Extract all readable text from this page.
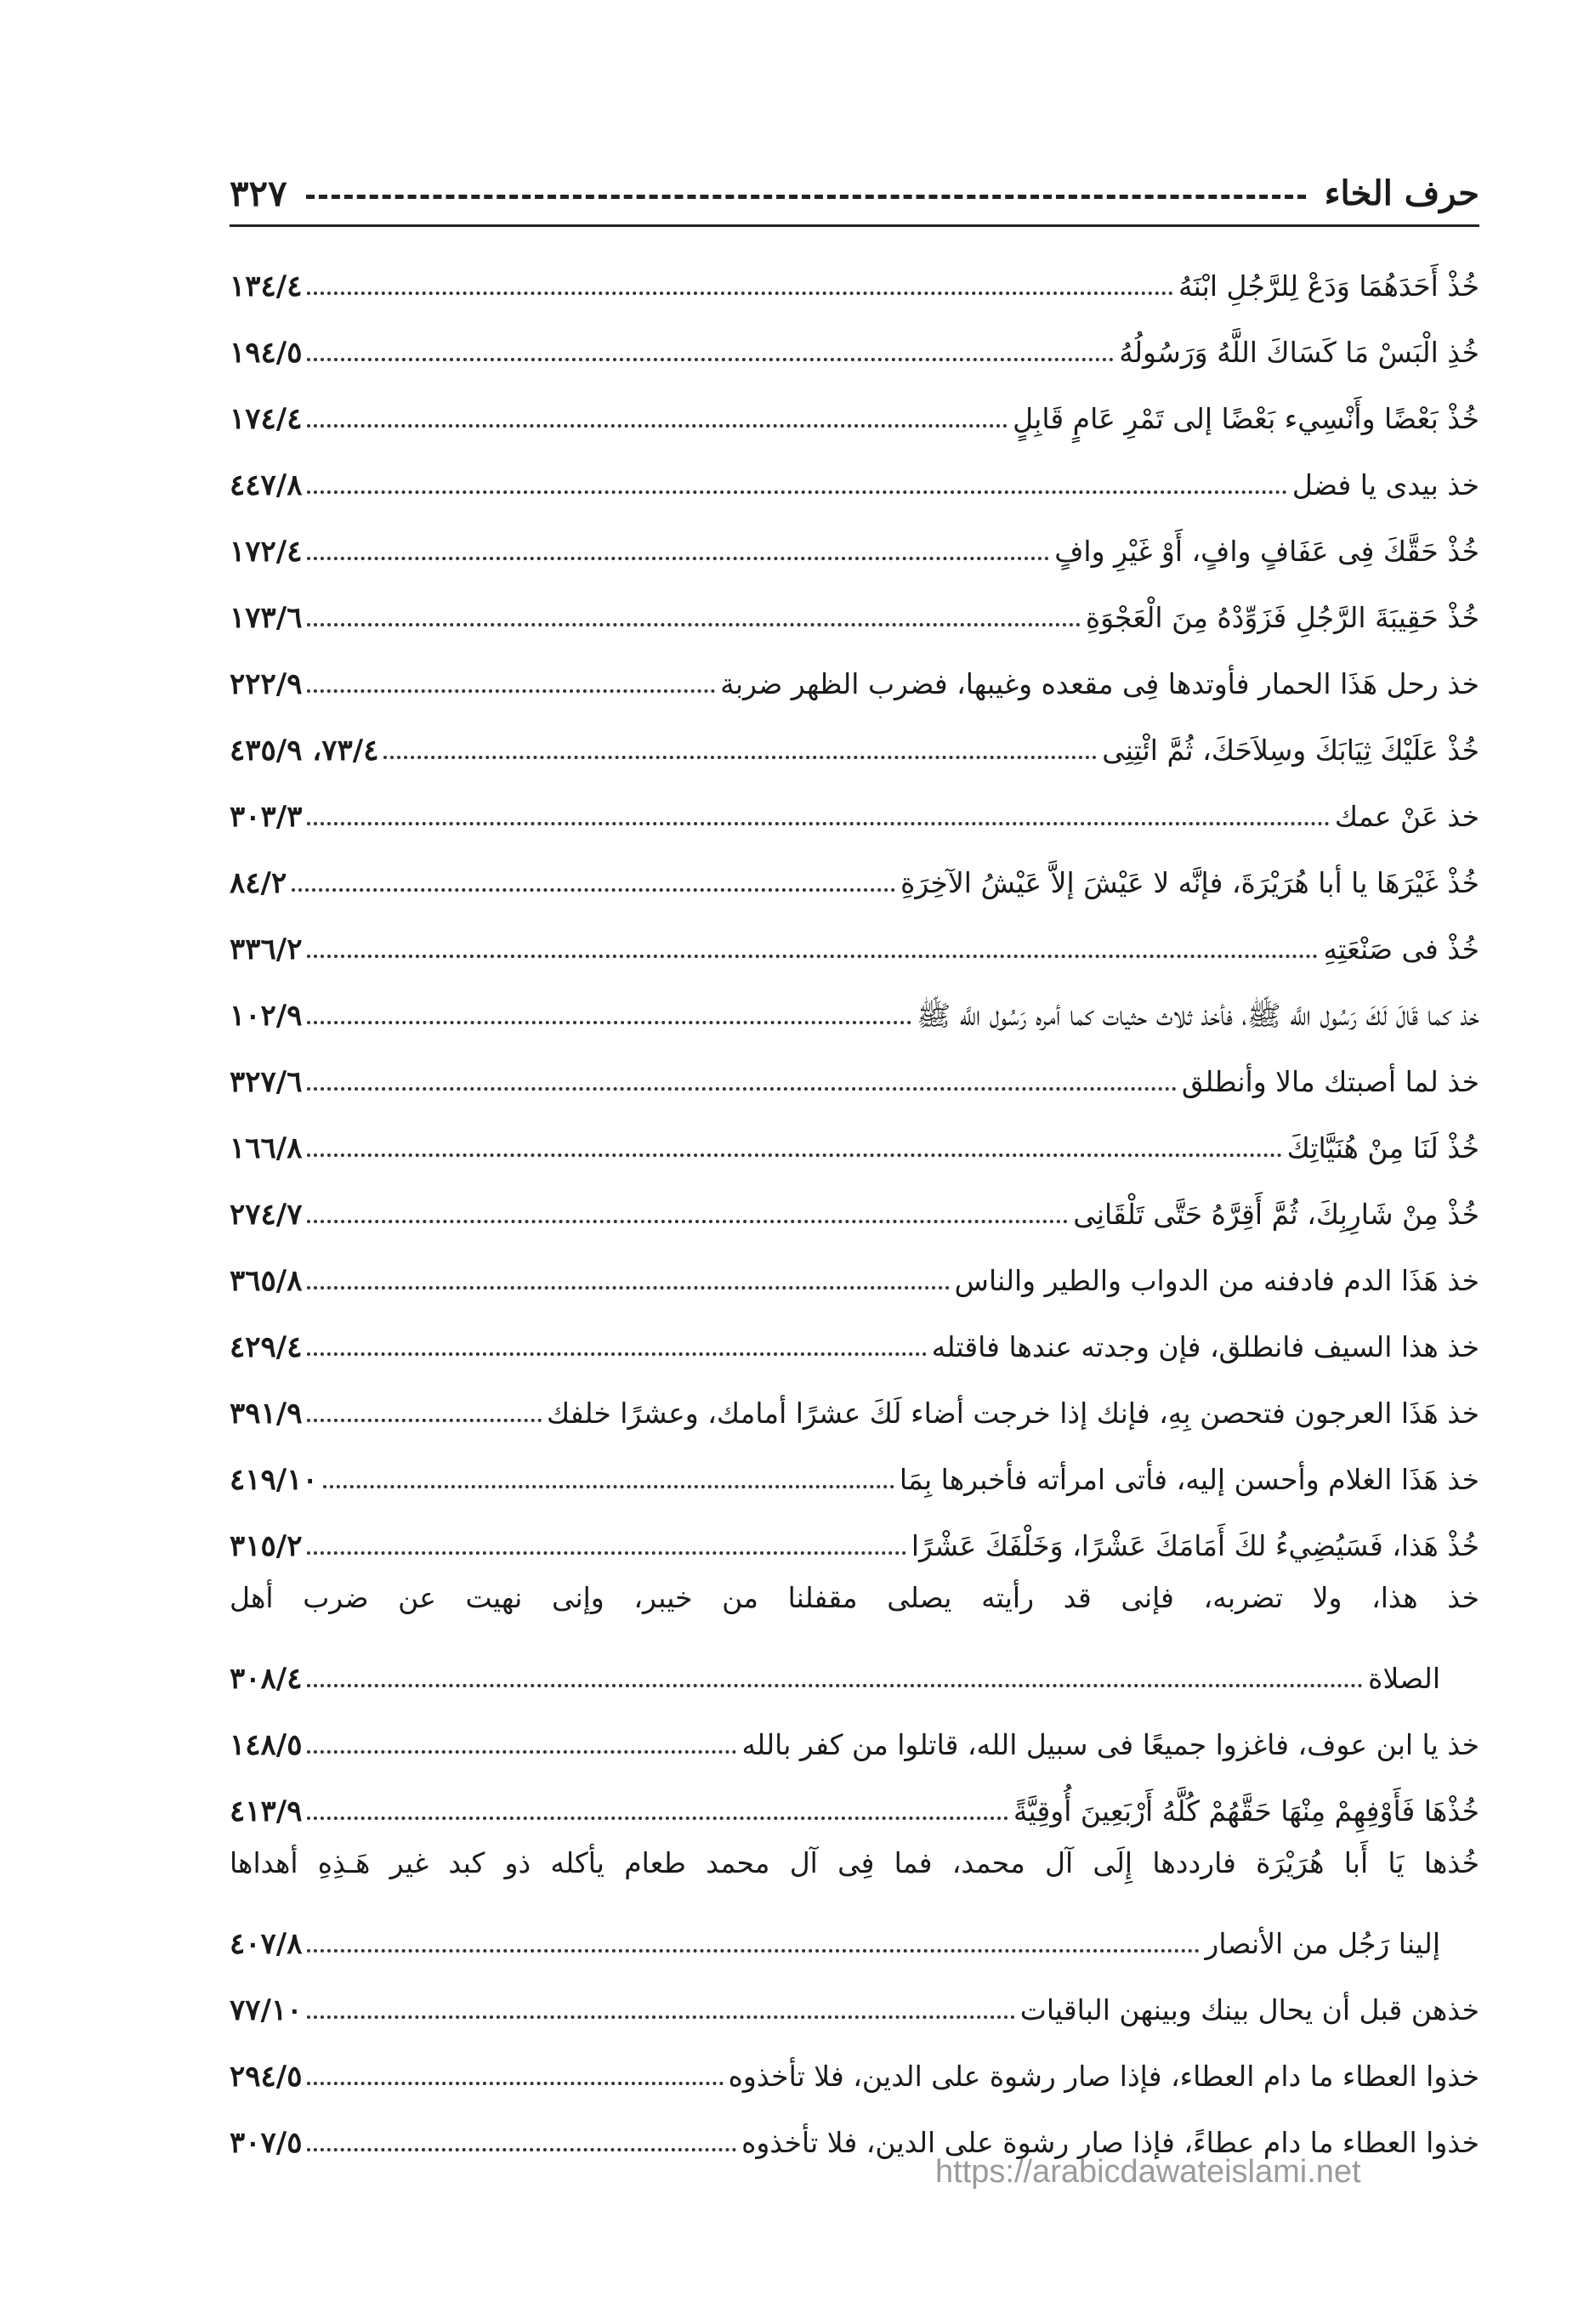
حرف الخاء
٣٢٧
خُذْ أَحَدَهُمَا وَدَعْ لِلرَّجُلِ ابْنَهُ
١٣٤/٤
خُذِ الْبَسْ مَا كَسَاكَ اللَّهُ وَرَسُولُهُ
١٩٤/٥
خُذْ بَعْضًا وأَنْسِيء بَعْضًا إلى تَمْرِ عَامٍ قَابِلٍ
١٧٤/٤
خذ بيدى يا فضل
٤٤٧/٨
خُذْ حَقَّكَ فِى عَفَافٍ وافٍ، أَوْ غَيْرِ وافٍ
١٧٢/٤
خُذْ حَقِيبَةَ الرَّجُلِ فَزَوِّدْهُ مِنَ الْعَجْوَةِ
١٧٣/٦
خذ رحل هَذَا الحمار فأوتدها فِى مقعده وغيبها، فضرب الظهر ضربة
٢٢٢/٩
خُذْ عَلَيْكَ ثِيَابَكَ وسِلاَحَكَ، ثُمَّ ائْتِنِى
٧٣/٤، ٤٣٥/٩
خذ عَنْ عمك
٣٠٣/٣
خُذْ غَيْرَهَا يا أبا هُرَيْرَةَ، فإنَّه لا عَيْشَ إلاَّ عَيْشُ الآخِرَةِ
٨٤/٢
خُذْ فى صَنْعَتِهِ
٣٣٦/٢
خذ كما قَالَ لَكَ رَسُول اللَّه ﷺ، فأخذ ثلاث حثيات كما أمره رَسُول اللَّه ﷺ
١٠٢/٩
خذ لما أصبتك مالا وأنطلق
٣٢٧/٦
خُذْ لَنَا مِنْ هُنَيَّاتِكَ
١٦٦/٨
خُذْ مِنْ شَارِبِكَ، ثُمَّ أَقِرَّهُ حَتَّى تَلْقَانِى
٢٧٤/٧
خذ هَذَا الدم فادفنه من الدواب والطير والناس
٣٦٥/٨
خذ هذا السيف فانطلق، فإن وجدته عندها فاقتله
٤٢٩/٤
خذ هَذَا العرجون فتحصن بِهِ، فإنك إذا خرجت أضاء لَكَ عشرًا أمامك، وعشرًا خلفك
٣٩١/٩
خذ هَذَا الغلام وأحسن إليه، فأتى امرأته فأخبرها بِمَا
٤١٩/١٠
خُذْ هَذا، فَسَيُضِيءُ لكَ أَمَامَكَ عَشْرًا، وَخَلْفَكَ عَشْرًا
٣١٥/٢
خذ هذا، ولا تضربه، فإنى قد رأيته يصلى مقفلنا من خيبر، وإنى نهيت عن ضرب أهل
الصلاة
٣٠٨/٤
خذ يا ابن عوف، فاغزوا جميعًا فى سبيل الله، قاتلوا من كفر بالله
١٤٨/٥
خُذْهَا فَأَوْفِهِمْ مِنْهَا حَقَّهُمْ كُلَّهُ أَرْبَعِينَ أُوقِيَّةً
٤١٣/٩
خُذها يَا أَبا هُرَيْرَة فارددها إِلَى آل محمد، فما فِى آل محمد طعام يأكله ذو كبد غير هَـذِهِ أهداها
إلينا رَجُل من الأنصار
٤٠٧/٨
خذهن قبل أن يحال بينك وبينهن الباقيات
٧٧/١٠
خذوا العطاء ما دام العطاء، فإذا صار رشوة على الدين، فلا تأخذوه
٢٩٤/٥
خذوا العطاء ما دام عطاءً، فإذا صار رشوة على الدين، فلا تأخذوه
٣٠٧/٥
https://arabicdawateislami.net
